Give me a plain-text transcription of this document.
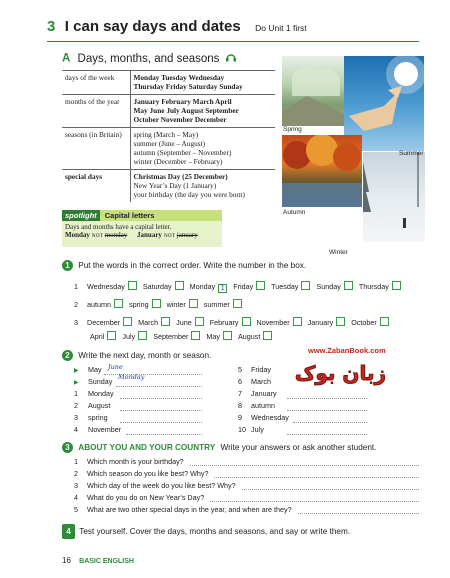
3 I can say days and dates Do Unit 1 first
A Days, months, and seasons
days of the week	Monday Tuesday Wednesday
Thursday Friday Saturday Sunday

months of the year	January February March April
May June July August September
October November December

seasons (in Britain)	spring (March – May)
summer (June – August)
autumn (September – November)
winter (December – February)

special days	Christmas Day (25 December)
New Year’s Day (1 January)
your birthday (the day you were born)
Spring
Summer
Autumn
Winter
spotlight Capital letters
Days and months have a capital letter.
Monday NOT monday January NOT january
1 Put the words in the correct order. Write the number in the box.
1 Wednesday	Saturday	Monday 1 Friday	Tuesday	Sunday	Thursday
2 autumn	spring	winter	summer
3 December	March	June	February	November	January	October
April	July	September	May	August
2 Write the next day, month or season.
▶ May June

▶ Sunday Monday

1 Monday
2 August
3 spring
4 November
5 Friday
6 March
7 January
8 autumn
9 Wednesday
10 July
www.ZabanBook.com
زبان بوک
3 ABOUT YOU AND YOUR COUNTRY Write your answers or ask another student.
1	Which month is your birthday?
2	Which season do you like best? Why?
3	Which day of the week do you like best? Why?
4	What do you do on New Year’s Day?
5	What are two other special days in the year, and when are they?
4 Test yourself. Cover the days, months and seasons, and say or write them.
16 BASIC ENGLISH
